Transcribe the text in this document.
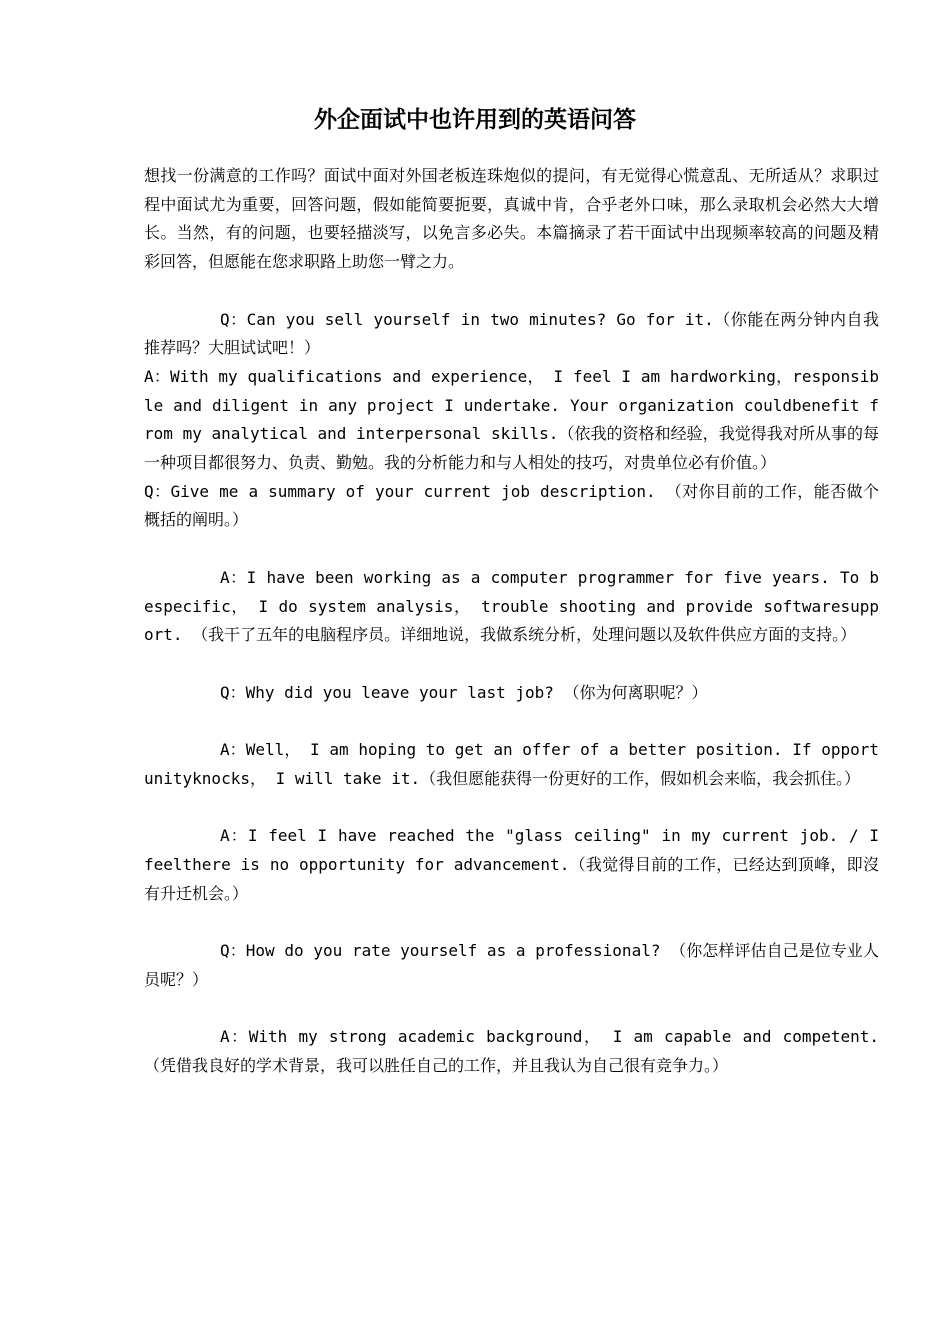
外企面试中也许用到的英语问答

想找一份满意的工作吗？面试中面对外国老板连珠炮似的提问，有无觉得心慌意乱、无所适从？求职过程中面试尤为重要，回答问题，假如能简要扼要，真诚中肯，合乎老外口味，那么录取机会必然大大增长。当然，有的问题，也要轻描淡写，以免言多必失。本篇摘录了若干面试中出现频率较高的问题及精彩回答，但愿能在您求职路上助您一臂之力。

Q：Can you sell yourself in two minutes? Go for it.（你能在两分钟内自我推荐吗？大胆试试吧！）

A：With my qualifications and experience， I feel I am hardworking，responsible and diligent in any project I undertake. Your organization couldbenefit from my analytical and interpersonal skills.（依我的资格和经验，我觉得我对所从事的每一种项目都很努力、负责、勤勉。我的分析能力和与人相处的技巧，对贵单位必有价值。）

Q：Give me a summary of your current job description. （对你目前的工作，能否做个概括的阐明。）

A：I have been working as a computer programmer for five years. To bespecific， I do system analysis， trouble shooting and provide softwaresupport. （我干了五年的电脑程序员。详细地说，我做系统分析，处理问题以及软件供应方面的支持。）

Q：Why did you leave your last job? （你为何离职呢？）

A：Well， I am hoping to get an offer of a better position. If opportunityknocks， I will take it.（我但愿能获得一份更好的工作，假如机会来临，我会抓住。）

A：I feel I have reached the "glass ceiling" in my current job. / I feelthere is no opportunity for advancement.（我觉得目前的工作，已经达到顶峰，即沒有升迁机会。）

Q：How do you rate yourself as a professional? （你怎样评估自己是位专业人员呢？）

A：With my strong academic background， I am capable and competent. （凭借我良好的学术背景，我可以胜任自己的工作，并且我认为自己很有竞争力。）
